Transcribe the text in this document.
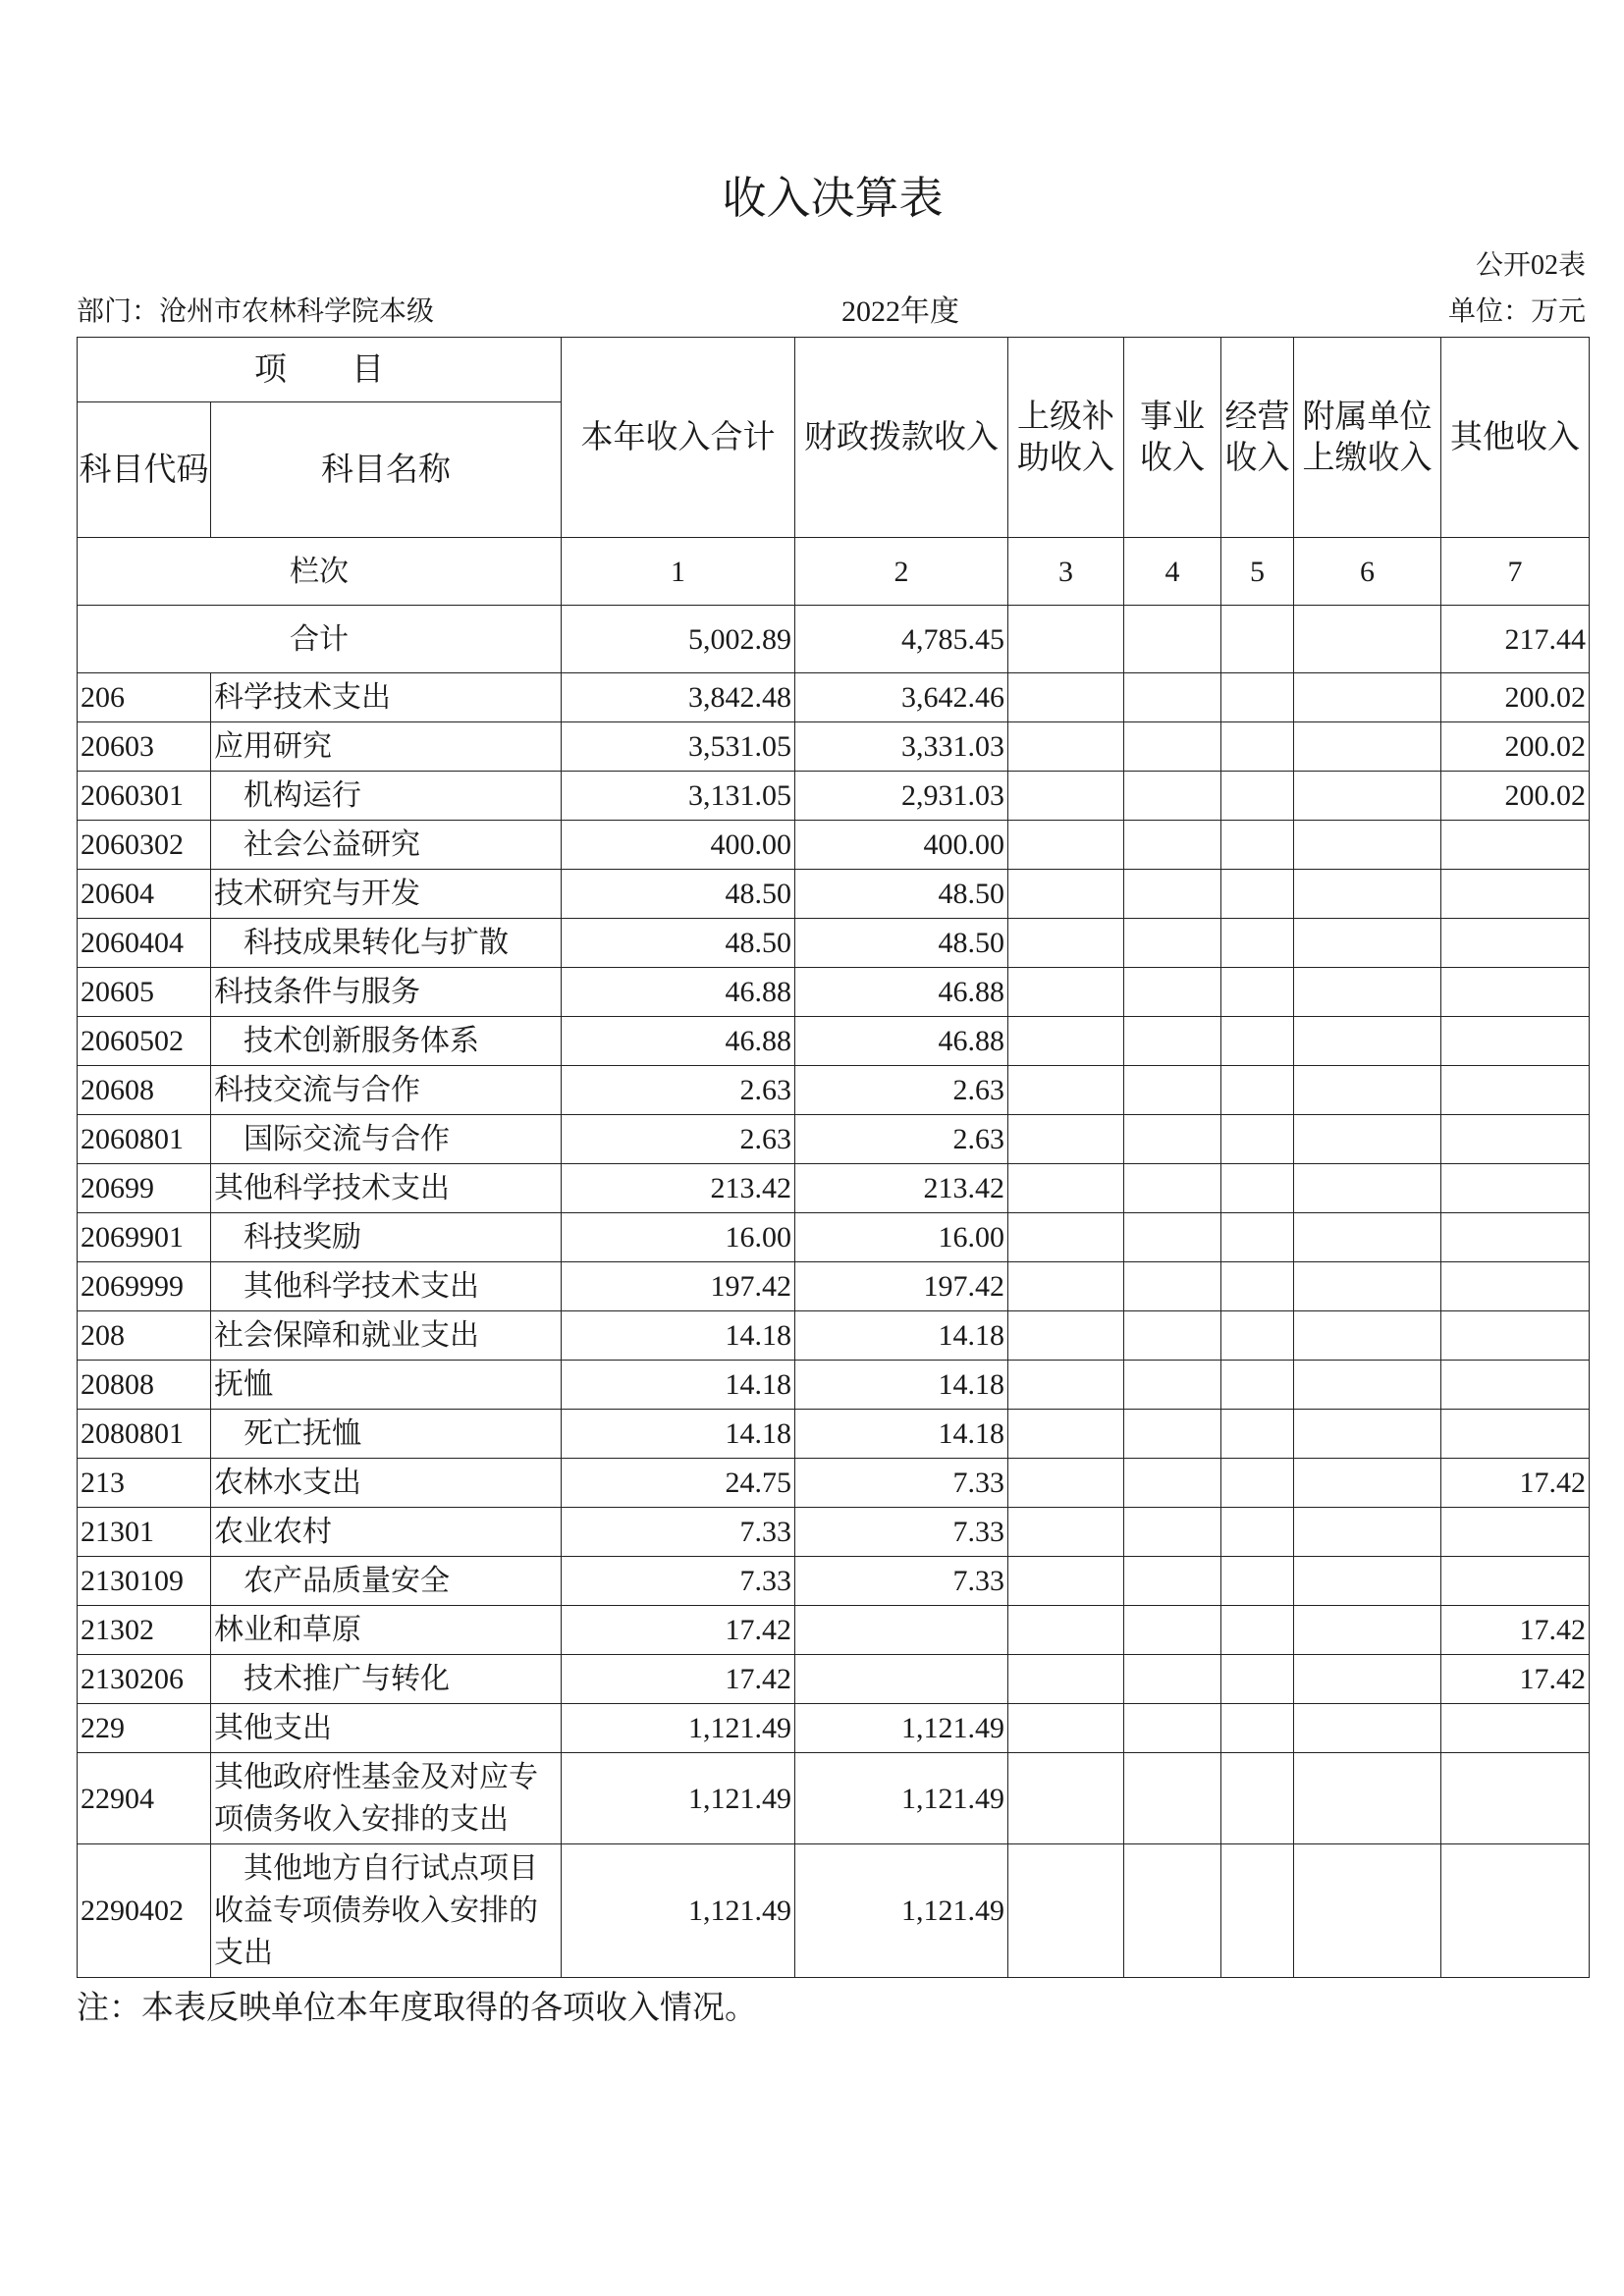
收入决算表
公开02表
部门：沧州市农林科学院本级	2022年度	单位：万元
项目		本年收入合计	财政拨款收入	上级补助收入	事业收入	经营收入	附属单位上缴收入	其他收入
科目代码	科目名称							
栏次		1	2	3	4	5	6	7
合计		5,002.89	4,785.45					217.44
206	科学技术支出	3,842.48	3,642.46					200.02
20603	应用研究	3,531.05	3,331.03					200.02
2060301	机构运行	3,131.05	2,931.03					200.02
2060302	社会公益研究	400.00	400.00					
20604	技术研究与开发	48.50	48.50					
2060404	科技成果转化与扩散	48.50	48.50					
20605	科技条件与服务	46.88	46.88					
2060502	技术创新服务体系	46.88	46.88					
20608	科技交流与合作	2.63	2.63					
2060801	国际交流与合作	2.63	2.63					
20699	其他科学技术支出	213.42	213.42					
2069901	科技奖励	16.00	16.00					
2069999	其他科学技术支出	197.42	197.42					
208	社会保障和就业支出	14.18	14.18					
20808	抚恤	14.18	14.18					
2080801	死亡抚恤	14.18	14.18					
213	农林水支出	24.75	7.33					17.42
21301	农业农村	7.33	7.33					
2130109	农产品质量安全	7.33	7.33					
21302	林业和草原	17.42						17.42
2130206	技术推广与转化	17.42						17.42
229	其他支出	1,121.49	1,121.49					
22904	其他政府性基金及对应专项债务收入安排的支出	1,121.49	1,121.49					
2290402	其他地方自行试点项目收益专项债券收入安排的支出	1,121.49	1,121.49					
注：本表反映单位本年度取得的各项收入情况。
